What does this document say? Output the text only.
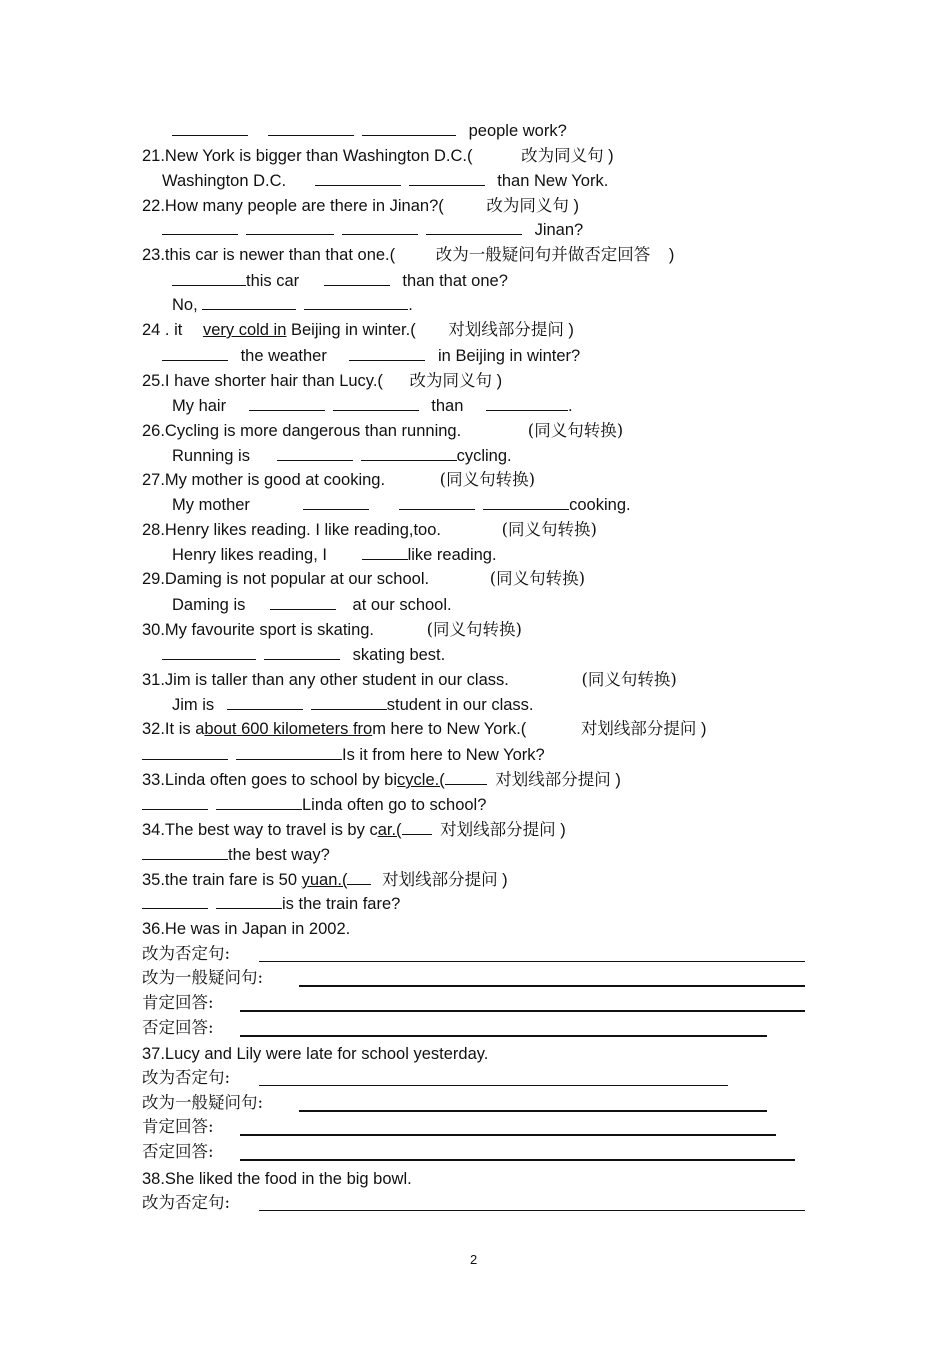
people work?
21.New York is bigger than Washington D.C.(	改为同义句 )
Washington D.C.	than New York.
22.How many people are there in Jinan?(	改为同义句 )
Jinan?
23.this car is newer than that one.( 改为一般疑问句并做否定回答 )
this car	than that one?
No,	.
24 . it very cold in Beijing in winter.( 对划线部分提问 )
the weather	in Beijing in winter?
25.I have shorter hair than Lucy.( 改为同义句 )
My hair	than	.
26.Cycling is more dangerous than running.	(同义句转换)
Running is	cycling.
27.My mother is good at cooking.	(同义句转换)
My mother	cooking.
28.Henry likes reading. I like reading,too.	(同义句转换)
Henry likes reading, I	like reading.
29.Daming is not popular at our school.	(同义句转换)
Daming is	at our school.
30.My favourite sport is skating.	(同义句转换)
skating best.
31.Jim is taller than any other student in our class.	(同义句转换)
Jim is	student in our class.
32.It is about 600 kilometers from here to New York.(	对划线部分提问 )
Is it from here to New York?
33.Linda often goes to school by bicycle.(	对划线部分提问 )
Linda often go to school?
34.The best way to travel is by car.( 对划线部分提问 )
the best way?
35.the train fare is 50 yuan.( 对划线部分提问 )
is the train fare?
36.He was in Japan in 2002.
改为否定句:
改为一般疑问句:
肯定回答:
否定回答:
37.Lucy and Lily were late for school yesterday.
改为否定句:
改为一般疑问句:
肯定回答:
否定回答:
38.She liked the food in the big bowl.
改为否定句:
2
